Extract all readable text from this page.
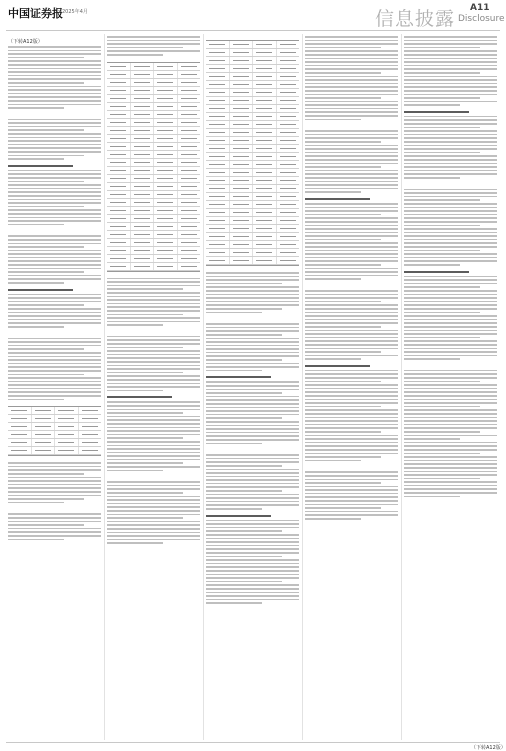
中国证券报 2025年4月	信息披露 A11
Disclosure
（下转A12版）
（下转A12版）
